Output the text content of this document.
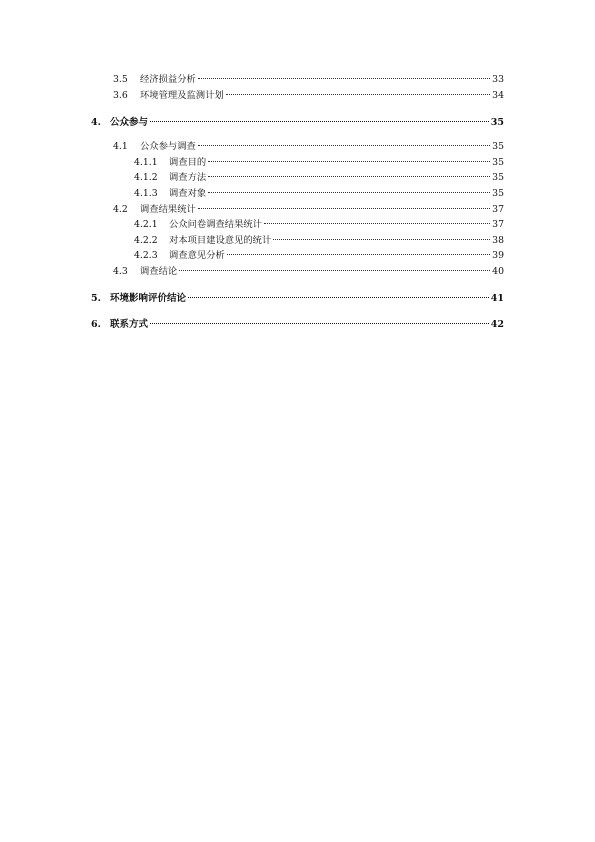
3.5	经济损益分析	33
3.6	环境管理及监测计划	34
4. 公众参与	35
4.1	公众参与调查	35
4.1.1	调查目的	35
4.1.2	调查方法	35
4.1.3	调查对象	35
4.2	调查结果统计	37
4.2.1	公众问卷调查结果统计	37
4.2.2	对本项目建设意见的统计	38
4.2.3	调查意见分析	39
4.3	调查结论	40
5. 环境影响评价结论	41
6. 联系方式	42
